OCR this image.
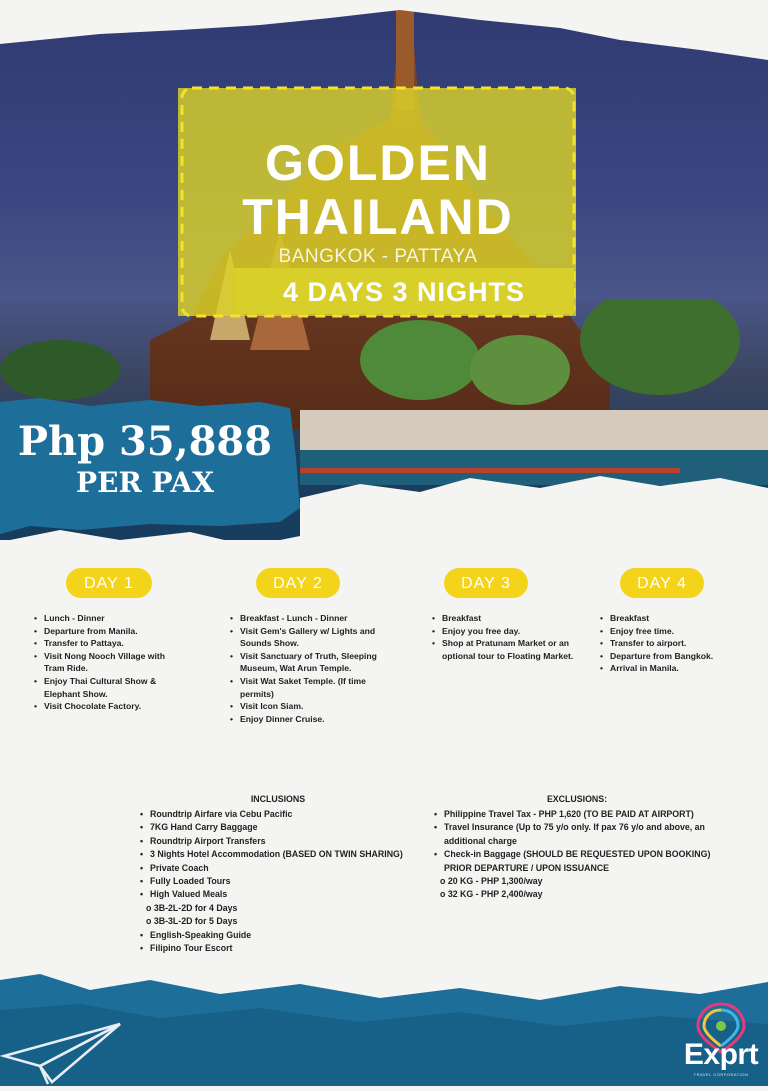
GOLDEN
THAILAND
BANGKOK - PATTAYA
4 DAYS 3 NIGHTS
Php 35,888
PER PAX
DAY 1
• Lunch - Dinner
• Departure from Manila.
• Transfer to Pattaya.
• Visit Nong Nooch Village with Tram Ride.
• Enjoy Thai Cultural Show & Elephant Show.
• Visit Chocolate Factory.
DAY 2
• Breakfast - Lunch - Dinner
• Visit Gem's Gallery w/ Lights and Sounds Show.
• Visit Sanctuary of Truth, Sleeping Museum, Wat Arun Temple.
• Visit Wat Saket Temple. (If time permits)
• Visit Icon Siam.
• Enjoy Dinner Cruise.
DAY 3
• Breakfast
• Enjoy you free day.
• Shop at Pratunam Market or an optional tour to Floating Market.
DAY 4
• Breakfast
• Enjoy free time.
• Transfer to airport.
• Departure from Bangkok.
• Arrival in Manila.
INCLUSIONS
• Roundtrip Airfare via Cebu Pacific
• 7KG Hand Carry Baggage
• Roundtrip Airport Transfers
• 3 Nights Hotel Accommodation (BASED ON TWIN SHARING)
• Private Coach
• Fully Loaded Tours
• High Valued Meals
o 3B-2L-2D for 4 Days
o 3B-3L-2D for 5 Days
• English-Speaking Guide
• Filipino Tour Escort
EXCLUSIONS:
• Philippine Travel Tax - PHP 1,620 (TO BE PAID AT AIRPORT)
• Travel Insurance (Up to 75 y/o only. If pax 76 y/o and above, an additional charge
• Check-in Baggage (SHOULD BE REQUESTED UPON BOOKING) PRIOR DEPARTURE / UPON ISSUANCE
o 20 KG - PHP 1,300/way
o 32 KG - PHP 2,400/way
Exprt
TRAVEL CORPORATION
